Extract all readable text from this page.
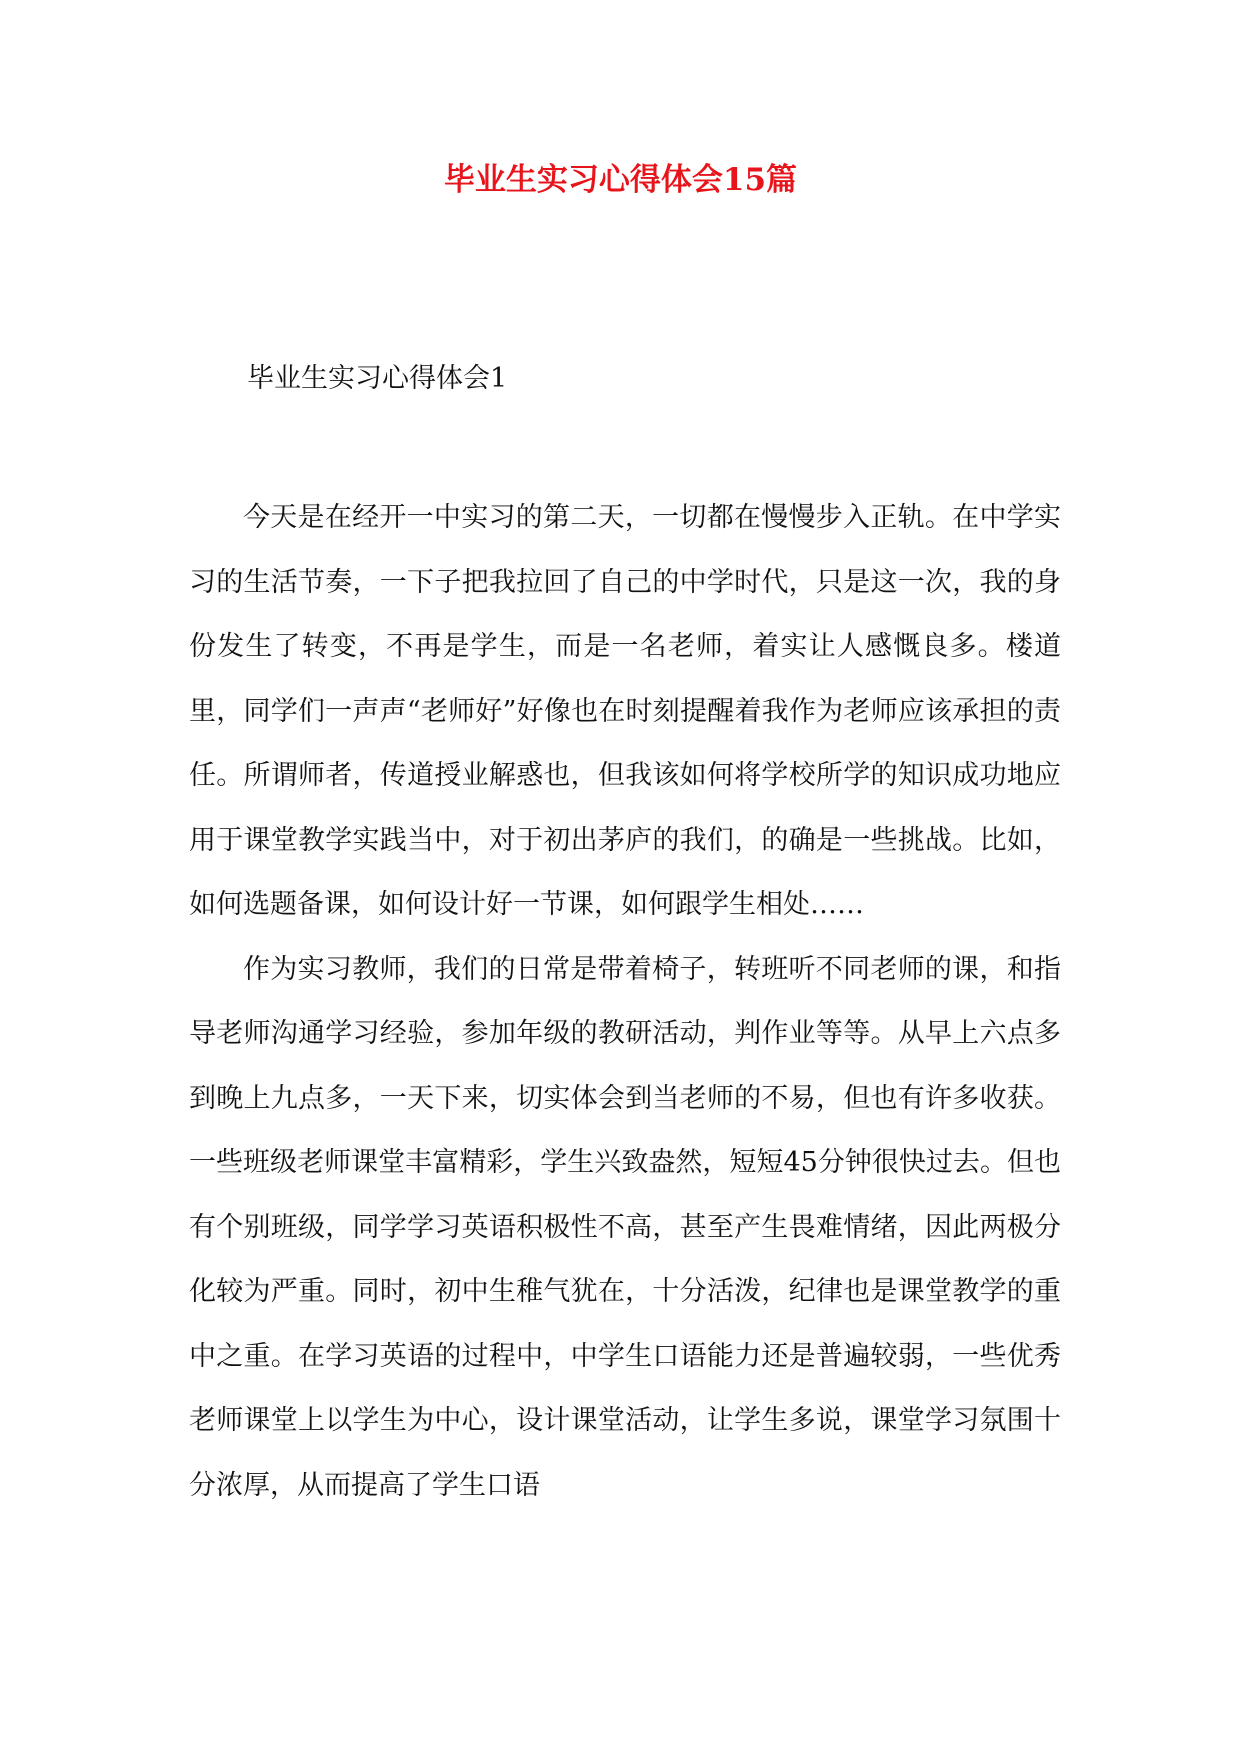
毕业生实习心得体会15篇
毕业生实习心得体会1

今天是在经开一中实习的第二天，一切都在慢慢步入正轨。在中学实习的生活节奏，一下子把我拉回了自己的中学时代，只是这一次，我的身份发生了转变，不再是学生，而是一名老师，着实让人感慨良多。楼道里，同学们一声声“老师好”好像也在时刻提醒着我作为老师应该承担的责任。所谓师者，传道授业解惑也，但我该如何将学校所学的知识成功地应用于课堂教学实践当中，对于初出茅庐的我们，的确是一些挑战。比如，如何选题备课，如何设计好一节课，如何跟学生相处……

作为实习教师，我们的日常是带着椅子，转班听不同老师的课，和指导老师沟通学习经验，参加年级的教研活动，判作业等等。从早上六点多到晚上九点多，一天下来，切实体会到当老师的不易，但也有许多收获。一些班级老师课堂丰富精彩，学生兴致盎然，短短45分钟很快过去。但也有个别班级，同学学习英语积极性不高，甚至产生畏难情绪，因此两极分化较为严重。同时，初中生稚气犹在，十分活泼，纪律也是课堂教学的重中之重。在学习英语的过程中，中学生口语能力还是普遍较弱，一些优秀老师课堂上以学生为中心，设计课堂活动，让学生多说，课堂学习氛围十分浓厚，从而提高了学生口语
